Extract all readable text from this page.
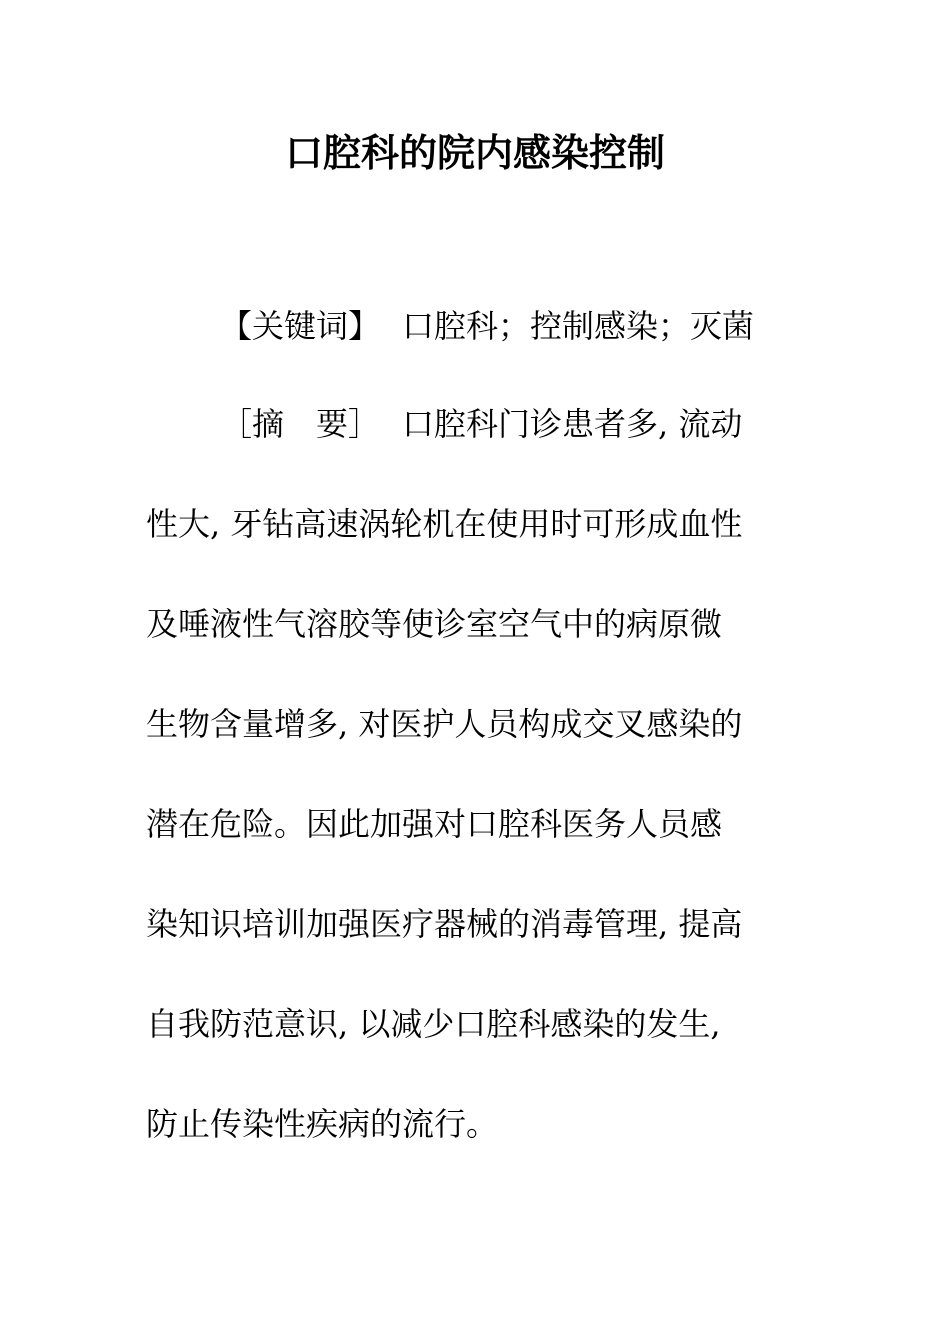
口腔科的院内感染控制
【关键词】 口腔科；控制感染；灭菌
［摘　要］ 口腔科门诊患者多, 流动
性大, 牙钻高速涡轮机在使用时可形成血性
及唾液性气溶胶等使诊室空气中的病原微
生物含量增多, 对医护人员构成交叉感染的
潜在危险。因此加强对口腔科医务人员感
染知识培训加强医疗器械的消毒管理, 提高
自我防范意识, 以减少口腔科感染的发生,
防止传染性疾病的流行。
